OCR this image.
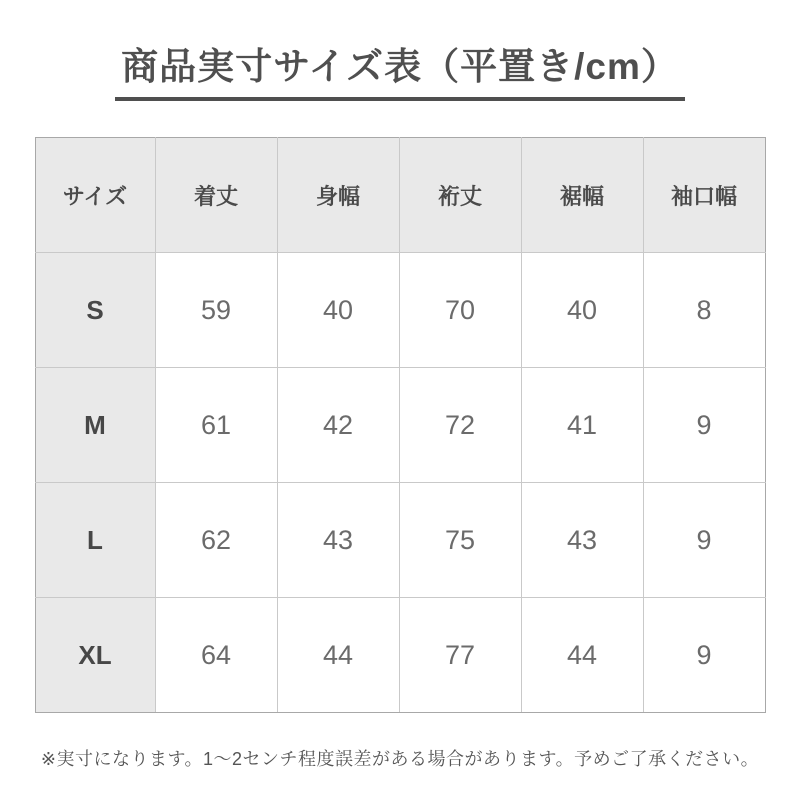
商品実寸サイズ表（平置き/cm）
サイズ	着丈	身幅	裄丈	裾幅	袖口幅
S	59	40	70	40	8
M	61	42	72	41	9
L	62	43	75	43	9
XL	64	44	77	44	9

※実寸になります。1〜2センチ程度誤差がある場合があります。予めご了承ください。
